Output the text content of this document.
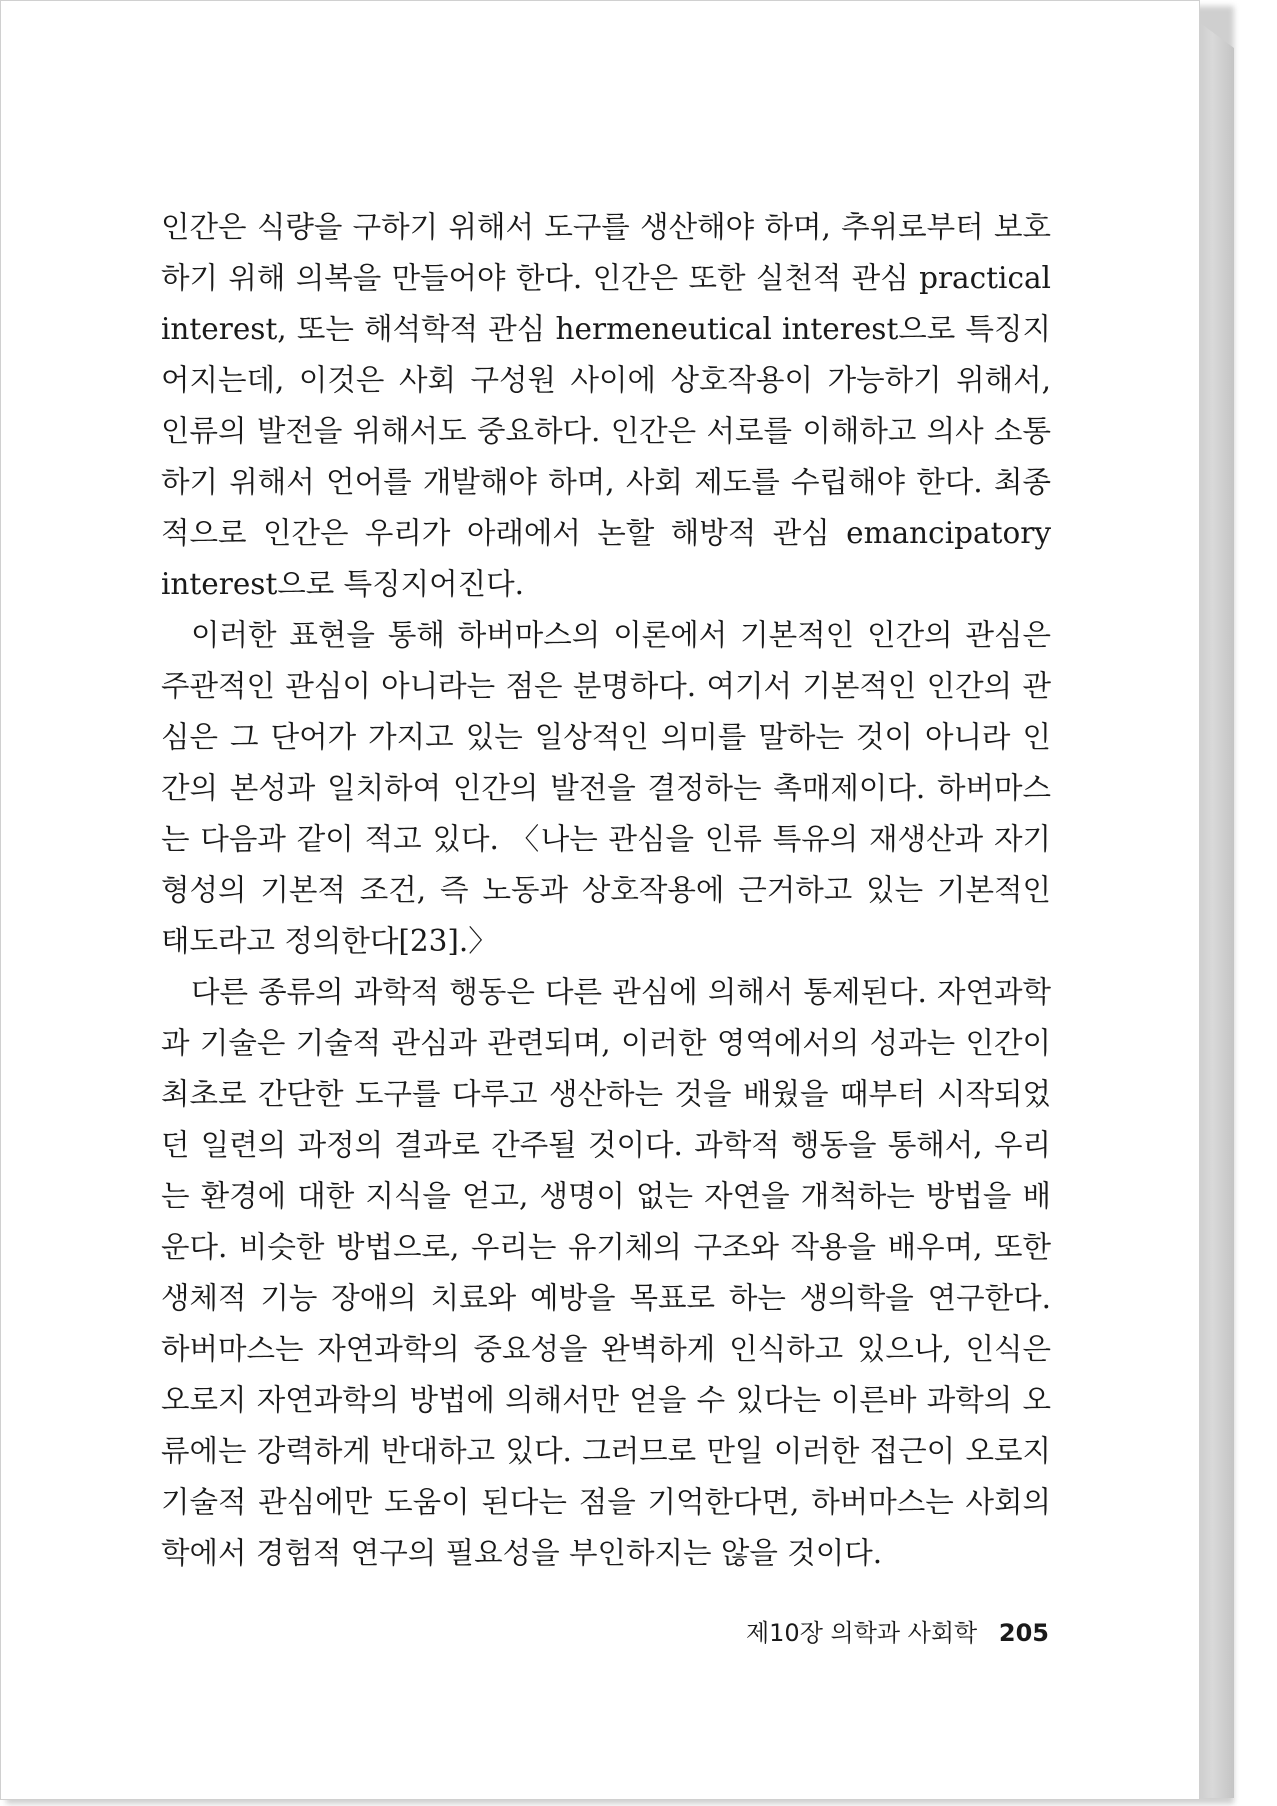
인간은 식량을 구하기 위해서 도구를 생산해야 하며, 추위로부터 보호하기 위해 의복을 만들어야 한다. 인간은 또한 실천적 관심 practical interest, 또는 해석학적 관심 hermeneutical interest으로 특징지어지는데, 이것은 사회 구성원 사이에 상호작용이 가능하기 위해서, 인류의 발전을 위해서도 중요하다. 인간은 서로를 이해하고 의사 소통하기 위해서 언어를 개발해야 하며, 사회 제도를 수립해야 한다. 최종적으로 인간은 우리가 아래에서 논할 해방적 관심 emancipatory interest으로 특징지어진다.

이러한 표현을 통해 하버마스의 이론에서 기본적인 인간의 관심은 주관적인 관심이 아니라는 점은 분명하다. 여기서 기본적인 인간의 관심은 그 단어가 가지고 있는 일상적인 의미를 말하는 것이 아니라 인간의 본성과 일치하여 인간의 발전을 결정하는 촉매제이다. 하버마스는 다음과 같이 적고 있다. 〈나는 관심을 인류 특유의 재생산과 자기형성의 기본적 조건, 즉 노동과 상호작용에 근거하고 있는 기본적인 태도라고 정의한다[23].〉

다른 종류의 과학적 행동은 다른 관심에 의해서 통제된다. 자연과학과 기술은 기술적 관심과 관련되며, 이러한 영역에서의 성과는 인간이 최초로 간단한 도구를 다루고 생산하는 것을 배웠을 때부터 시작되었던 일련의 과정의 결과로 간주될 것이다. 과학적 행동을 통해서, 우리는 환경에 대한 지식을 얻고, 생명이 없는 자연을 개척하는 방법을 배운다. 비슷한 방법으로, 우리는 유기체의 구조와 작용을 배우며, 또한 생체적 기능 장애의 치료와 예방을 목표로 하는 생의학을 연구한다. 하버마스는 자연과학의 중요성을 완벽하게 인식하고 있으나, 인식은 오로지 자연과학의 방법에 의해서만 얻을 수 있다는 이른바 과학의 오류에는 강력하게 반대하고 있다. 그러므로 만일 이러한 접근이 오로지 기술적 관심에만 도움이 된다는 점을 기억한다면, 하버마스는 사회의학에서 경험적 연구의 필요성을 부인하지는 않을 것이다.

제10장 의학과 사회학 205
